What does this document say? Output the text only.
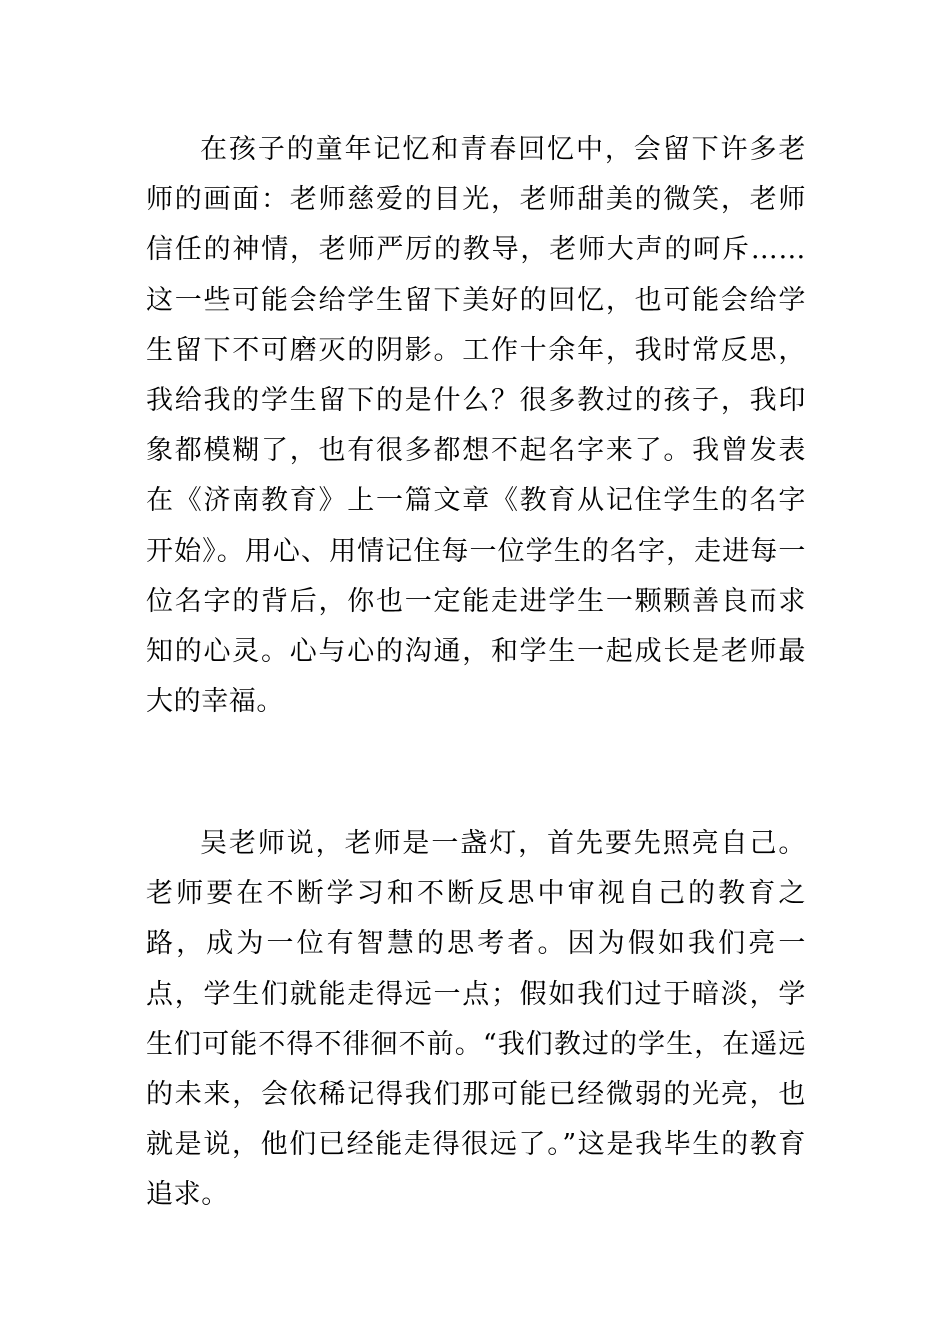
在孩子的童年记忆和青春回忆中，会留下许多老师的画面：老师慈爱的目光，老师甜美的微笑，老师信任的神情，老师严厉的教导，老师大声的呵斥……这一些可能会给学生留下美好的回忆，也可能会给学生留下不可磨灭的阴影。工作十余年，我时常反思，我给我的学生留下的是什么？很多教过的孩子，我印象都模糊了，也有很多都想不起名字来了。我曾发表在《济南教育》上一篇文章《教育从记住学生的名字开始》。用心、用情记住每一位学生的名字，走进每一位名字的背后，你也一定能走进学生一颗颗善良而求知的心灵。心与心的沟通，和学生一起成长是老师最大的幸福。

吴老师说，老师是一盏灯，首先要先照亮自己。老师要在不断学习和不断反思中审视自己的教育之路，成为一位有智慧的思考者。因为假如我们亮一点，学生们就能走得远一点；假如我们过于暗淡，学生们可能不得不徘徊不前。“我们教过的学生，在遥远的未来，会依稀记得我们那可能已经微弱的光亮，也就是说，他们已经能走得很远了。”这是我毕生的教育追求。
